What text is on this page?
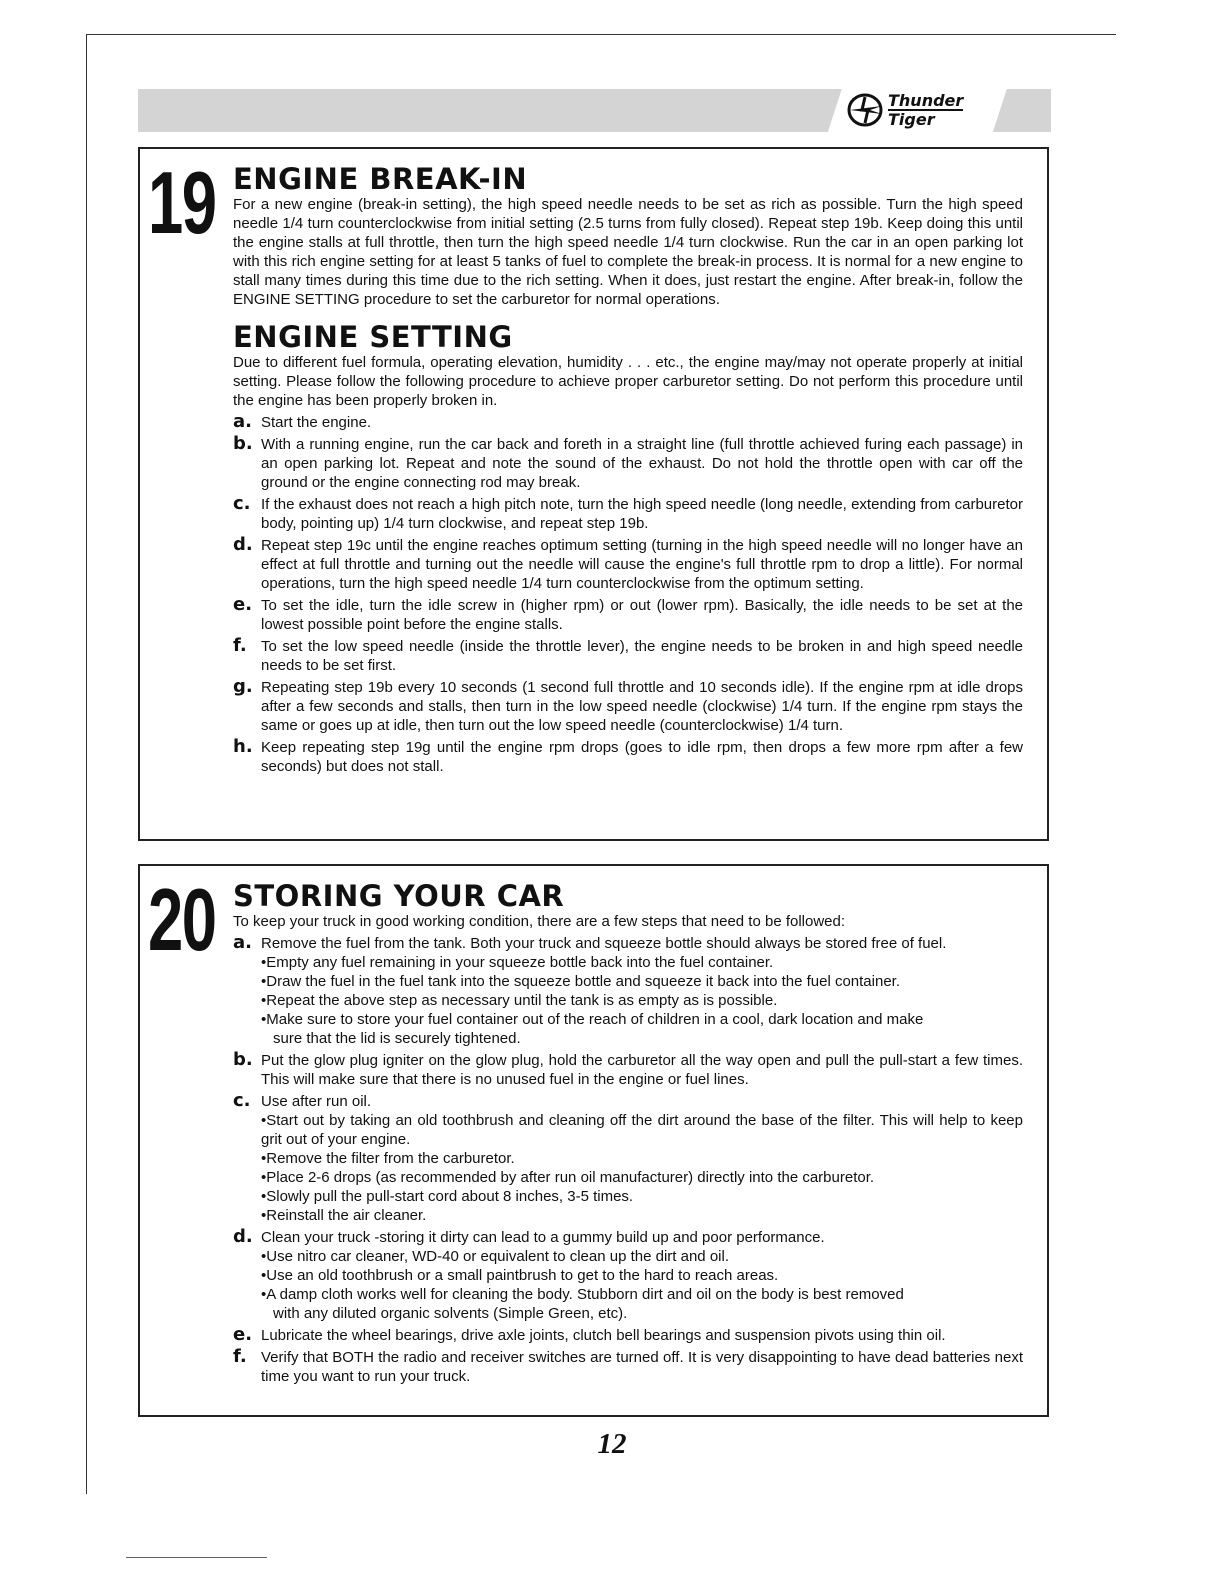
Thunder
Tiger
19 ENGINE BREAK-IN

For a new engine (break-in setting), the high speed needle needs to be set as rich as possible. Turn the high speed needle 1/4 turn counterclockwise from initial setting (2.5 turns from fully closed). Repeat step 19b. Keep doing this until the engine stalls at full throttle, then turn the high speed needle 1/4 turn clockwise. Run the car in an open parking lot with this rich engine setting for at least 5 tanks of fuel to complete the break-in process. It is normal for a new engine to stall many times during this time due to the rich setting. When it does, just restart the engine. After break-in, follow the ENGINE SETTING procedure to set the carburetor for normal operations.

ENGINE SETTING

Due to different fuel formula, operating elevation, humidity . . . etc., the engine may/may not operate properly at initial setting. Please follow the following procedure to achieve proper carburetor setting. Do not perform this procedure until the engine has been properly broken in.

a. Start the engine.
b. With a running engine, run the car back and foreth in a straight line (full throttle achieved furing each passage) in an open parking lot. Repeat and note the sound of the exhaust. Do not hold the throttle open with car off the ground or the engine connecting rod may break.
c. If the exhaust does not reach a high pitch note, turn the high speed needle (long needle, extending from carburetor body, pointing up) 1/4 turn clockwise, and repeat step 19b.
d. Repeat step 19c until the engine reaches optimum setting (turning in the high speed needle will no longer have an effect at full throttle and turning out the needle will cause the engine's full throttle rpm to drop a little). For normal operations, turn the high speed needle 1/4 turn counterclockwise from the optimum setting.
e. To set the idle, turn the idle screw in (higher rpm) or out (lower rpm). Basically, the idle needs to be set at the lowest possible point before the engine stalls.
f. To set the low speed needle (inside the throttle lever), the engine needs to be broken in and high speed needle needs to be set first.
g. Repeating step 19b every 10 seconds (1 second full throttle and 10 seconds idle). If the engine rpm at idle drops after a few seconds and stalls, then turn in the low speed needle (clockwise) 1/4 turn. If the engine rpm stays the same or goes up at idle, then turn out the low speed needle (counterclockwise) 1/4 turn.
h. Keep repeating step 19g until the engine rpm drops (goes to idle rpm, then drops a few more rpm after a few seconds) but does not stall.
20 STORING YOUR CAR

To keep your truck in good working condition, there are a few steps that need to be followed:

a. Remove the fuel from the tank. Both your truck and squeeze bottle should always be stored free of fuel.
•Empty any fuel remaining in your squeeze bottle back into the fuel container.
•Draw the fuel in the fuel tank into the squeeze bottle and squeeze it back into the fuel container.
•Repeat the above step as necessary until the tank is as empty as is possible.
•Make sure to store your fuel container out of the reach of children in a cool, dark location and make
sure that the lid is securely tightened.
b. Put the glow plug igniter on the glow plug, hold the carburetor all the way open and pull the pull-start a few times. This will make sure that there is no unused fuel in the engine or fuel lines.
c. Use after run oil.
•Start out by taking an old toothbrush and cleaning off the dirt around the base of the filter. This will help to keep grit out of your engine.
•Remove the filter from the carburetor.
•Place 2-6 drops (as recommended by after run oil manufacturer) directly into the carburetor.
•Slowly pull the pull-start cord about 8 inches, 3-5 times.
•Reinstall the air cleaner.
d. Clean your truck -storing it dirty can lead to a gummy build up and poor performance.
•Use nitro car cleaner, WD-40 or equivalent to clean up the dirt and oil.
•Use an old toothbrush or a small paintbrush to get to the hard to reach areas.
•A damp cloth works well for cleaning the body. Stubborn dirt and oil on the body is best removed
with any diluted organic solvents (Simple Green, etc).
e. Lubricate the wheel bearings, drive axle joints, clutch bell bearings and suspension pivots using thin oil.
f. Verify that BOTH the radio and receiver switches are turned off. It is very disappointing to have dead batteries next time you want to run your truck.
12
